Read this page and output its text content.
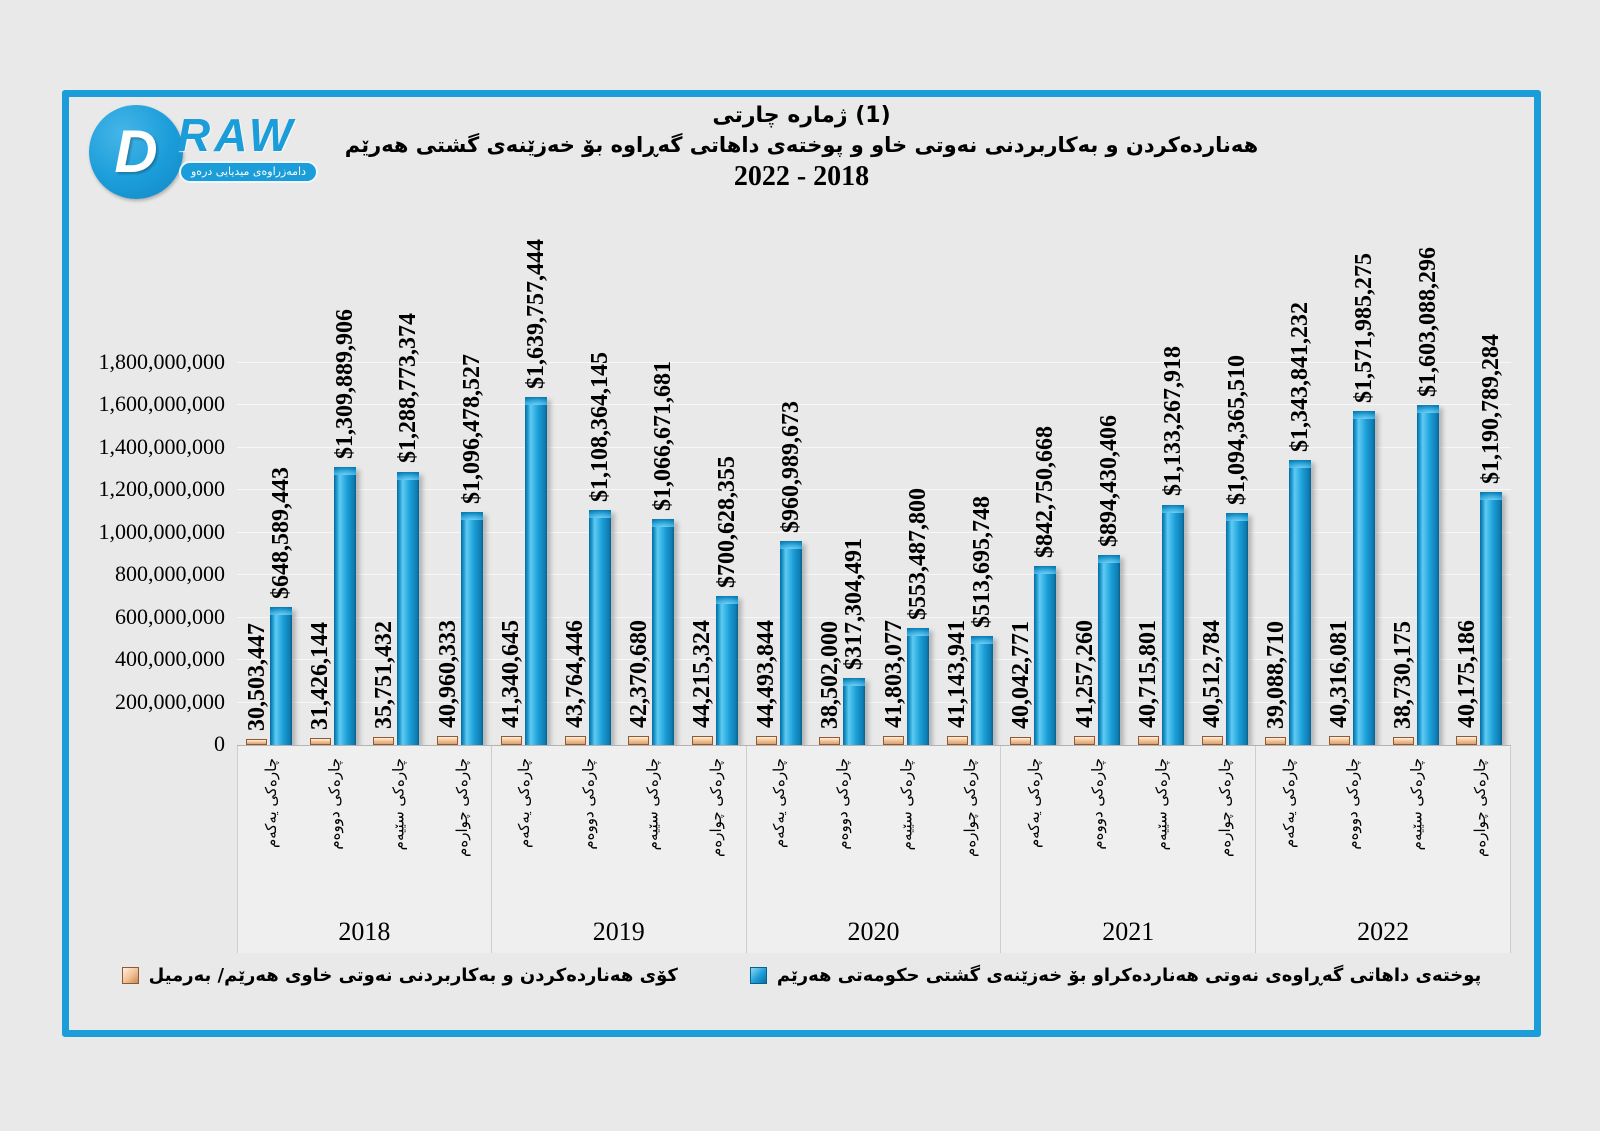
D RAW
دامەزراوەی میدیایی درەو
چارتی‎ ژمارە‎ (1)
هەناردەکردن و بەکاربردنی نەوتی خاو و پوختەی داهاتی گەڕاوە بۆ خەزێنەی گشتی هەرێم
2022 - 2018
0
200,000,000
400,000,000
600,000,000
800,000,000
1,000,000,000
1,200,000,000
1,400,000,000
1,600,000,000
1,800,000,000
30,503,447
$648,589,443
31,426,144
$1,309,889,906
35,751,432
$1,288,773,374
40,960,333
$1,096,478,527
41,340,645
$1,639,757,444
43,764,446
$1,108,364,145
42,370,680
$1,066,671,681
44,215,324
$700,628,355
44,493,844
$960,989,673
38,502,000
$317,304,491
41,803,077
$553,487,800
41,143,941
$513,695,748
40,042,771
$842,750,668
41,257,260
$894,430,406
40,715,801
$1,133,267,918
40,512,784
$1,094,365,510
39,088,710
$1,343,841,232
40,316,081
$1,571,985,275
38,730,175
$1,603,088,296
40,175,186
$1,190,789,284
چارەکی یەکەم	چارەکی دووەم	چارەکی سێیەم	چارەکی چوارەم
2018
چارەکی یەکەم	چارەکی دووەم	چارەکی سێیەم	چارەکی چوارەم
2019
چارەکی یەکەم	چارەکی دووەم	چارەکی سێیەم	چارەکی چوارەم
2020
چارەکی یەکەم	چارەکی دووەم	چارەکی سێیەم	چارەکی چوارەم
2021
چارەکی یەکەم	چارەکی دووەم	چارەکی سێیەم	چارەکی چوارەم
2022
کۆی هەناردەکردن و بەکاربردنی نەوتی خاوی هەرێم/ بەرمیل	پوختەی داهاتی گەڕاوەی نەوتی هەناردەکراو بۆ خەزێنەی گشتی حکومەتی هەرێم
